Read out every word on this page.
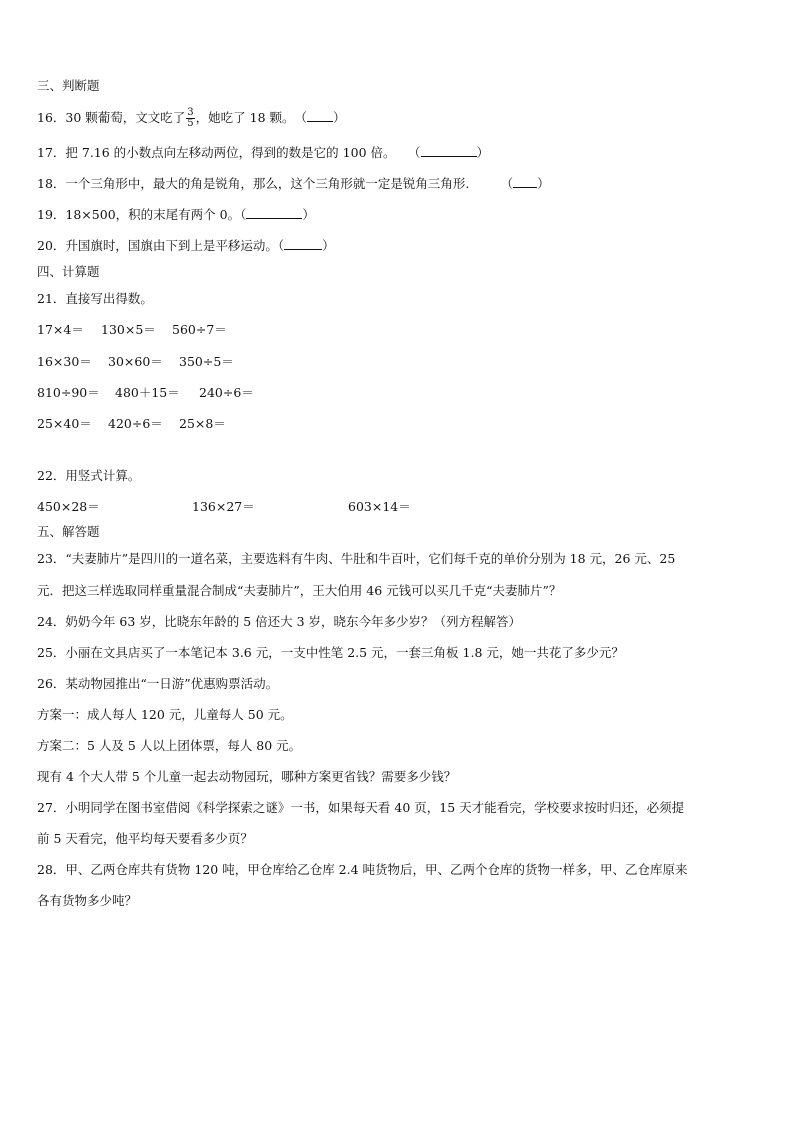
三、判断题
16．30 颗葡萄，文文吃了 $\frac{3}{5}$ ，她吃了 18 颗。　（ ）
17．把 7.16 的小数点向左移动两位，得到的数是它的 100 倍。　　（	）
18．一个三角形中，最大的角是锐角，那么，这个三角形就一定是锐角三角形.　　　（ ）
19．18×500，积的末尾有两个 0。（	）
20．升国旗时，国旗由下到上是平移运动。（	）
四、计算题
21．直接写出得数。
17×4＝ 130×5＝ 560÷7＝
16×30＝ 30×60＝ 350÷5＝
810÷90＝ 480＋15＝ 240÷6＝
25×40＝ 420÷6＝ 25×8＝
22．用竖式计算。
450×28＝	136×27＝	603×14＝
五、解答题
23．“夫妻肺片”是四川的一道名菜，主要选料有牛肉、牛肚和牛百叶，它们每千克的单价分别为 18 元，26 元、25
元．把这三样选取同样重量混合制成“夫妻肺片”，王大伯用 46 元钱可以买几千克“夫妻肺片”？
24．奶奶今年 63 岁，比晓东年龄的 5 倍还大 3 岁，晓东今年多少岁？（列方程解答）
25．小丽在文具店买了一本笔记本 3.6 元，一支中性笔 2.5 元，一套三角板 1.8 元，她一共花了多少元？
26．某动物园推出“一日游”优惠购票活动。
方案一：成人每人 120 元，儿童每人 50 元。
方案二：5 人及 5 人以上团体票，每人 80 元。
现有 4 个大人带 5 个儿童一起去动物园玩，哪种方案更省钱？需要多少钱？
27．小明同学在图书室借阅《科学探索之谜》一书，如果每天看 40 页，15 天才能看完，学校要求按时归还，必须提
前 5 天看完，他平均每天要看多少页？
28．甲、乙两仓库共有货物 120 吨，甲仓库给乙仓库 2.4 吨货物后，甲、乙两个仓库的货物一样多，甲、乙仓库原来
各有货物多少吨？
